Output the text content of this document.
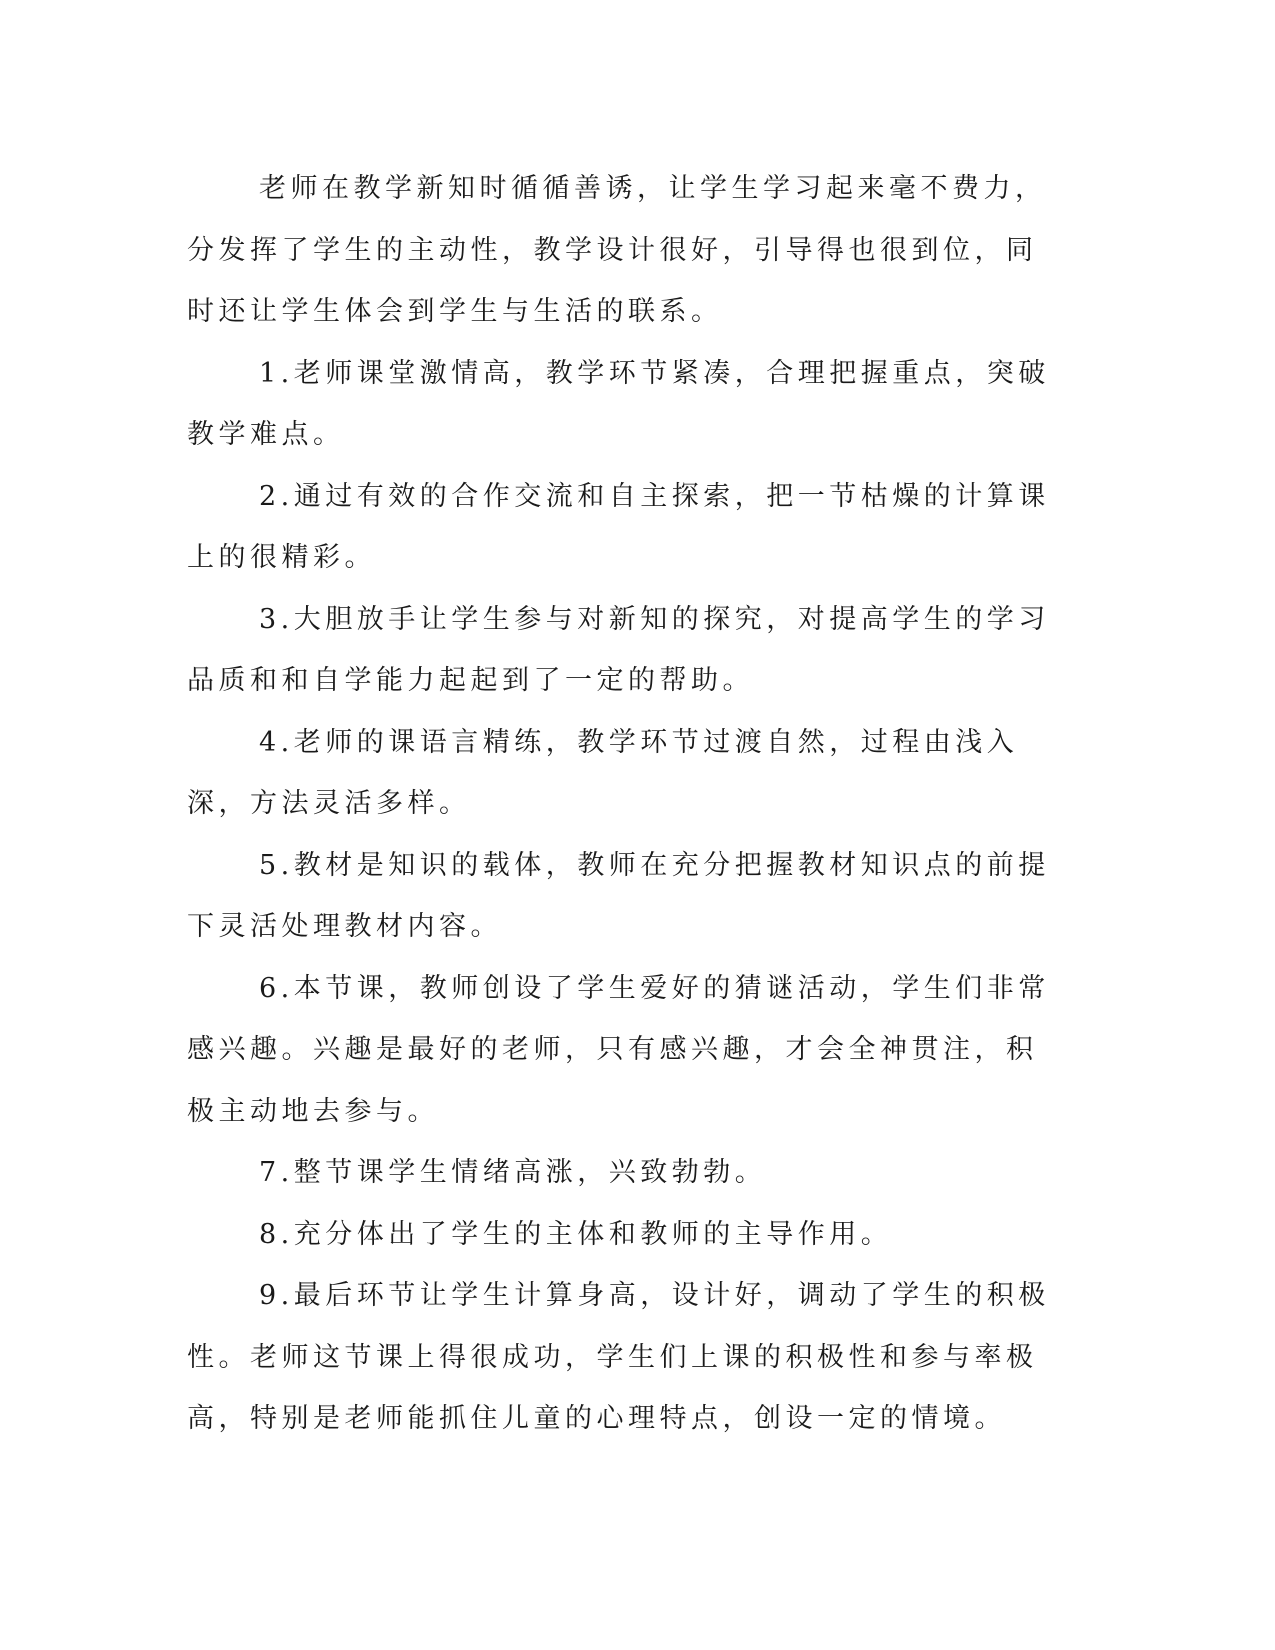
老师在教学新知时循循善诱，让学生学习起来毫不费力，分发挥了学生的主动性，教学设计很好，引导得也很到位，同时还让学生体会到学生与生活的联系。

1.老师课堂激情高，教学环节紧凑，合理把握重点，突破教学难点。

2.通过有效的合作交流和自主探索，把一节枯燥的计算课上的很精彩。

3.大胆放手让学生参与对新知的探究，对提高学生的学习品质和和自学能力起起到了一定的帮助。

4.老师的课语言精练，教学环节过渡自然，过程由浅入深，方法灵活多样。

5.教材是知识的载体，教师在充分把握教材知识点的前提下灵活处理教材内容。

6.本节课，教师创设了学生爱好的猜谜活动，学生们非常感兴趣。兴趣是最好的老师，只有感兴趣，才会全神贯注，积极主动地去参与。

7.整节课学生情绪高涨，兴致勃勃。

8.充分体出了学生的主体和教师的主导作用。

9.最后环节让学生计算身高，设计好，调动了学生的积极性。老师这节课上得很成功，学生们上课的积极性和参与率极高，特别是老师能抓住儿童的心理特点，创设一定的情境。
